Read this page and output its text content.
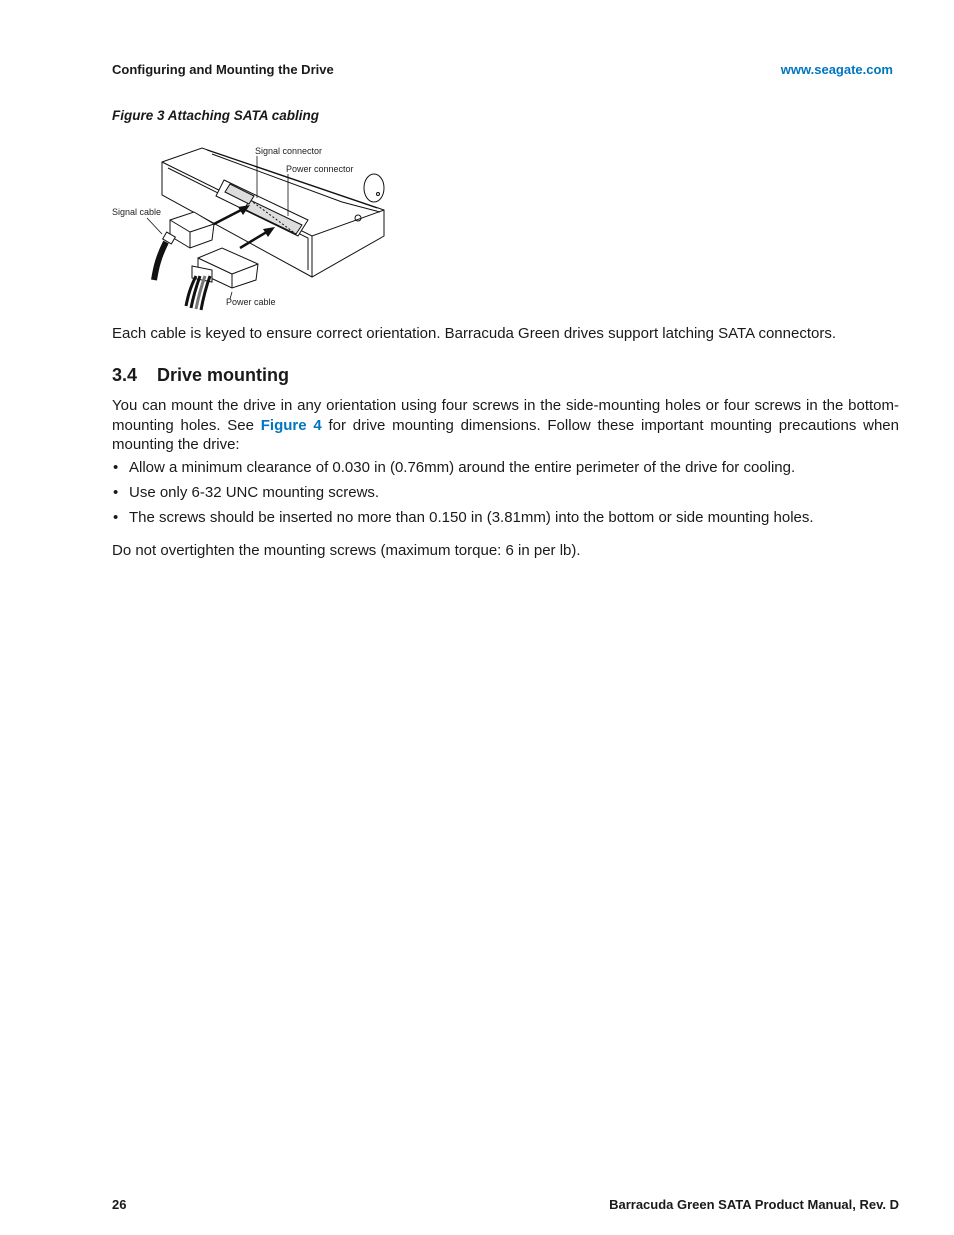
Configuring and Mounting the Drive	www.seagate.com
Figure 3 Attaching SATA cabling
Signal connector
Power connector
Signal cable
Power cable

Each cable is keyed to ensure correct orientation. Barracuda Green drives support latching SATA connectors.

3.4 Drive mounting

You can mount the drive in any orientation using four screws in the side-mounting holes or four screws in the bottom-mounting holes. See Figure 4 for drive mounting dimensions. Follow these important mounting precautions when mounting the drive:

• Allow a minimum clearance of 0.030 in (0.76mm) around the entire perimeter of the drive for cooling.
• Use only 6-32 UNC mounting screws.
• The screws should be inserted no more than 0.150 in (3.81mm) into the bottom or side mounting holes.

Do not overtighten the mounting screws (maximum torque: 6 in per lb).

26	Barracuda Green SATA Product Manual, Rev. D
